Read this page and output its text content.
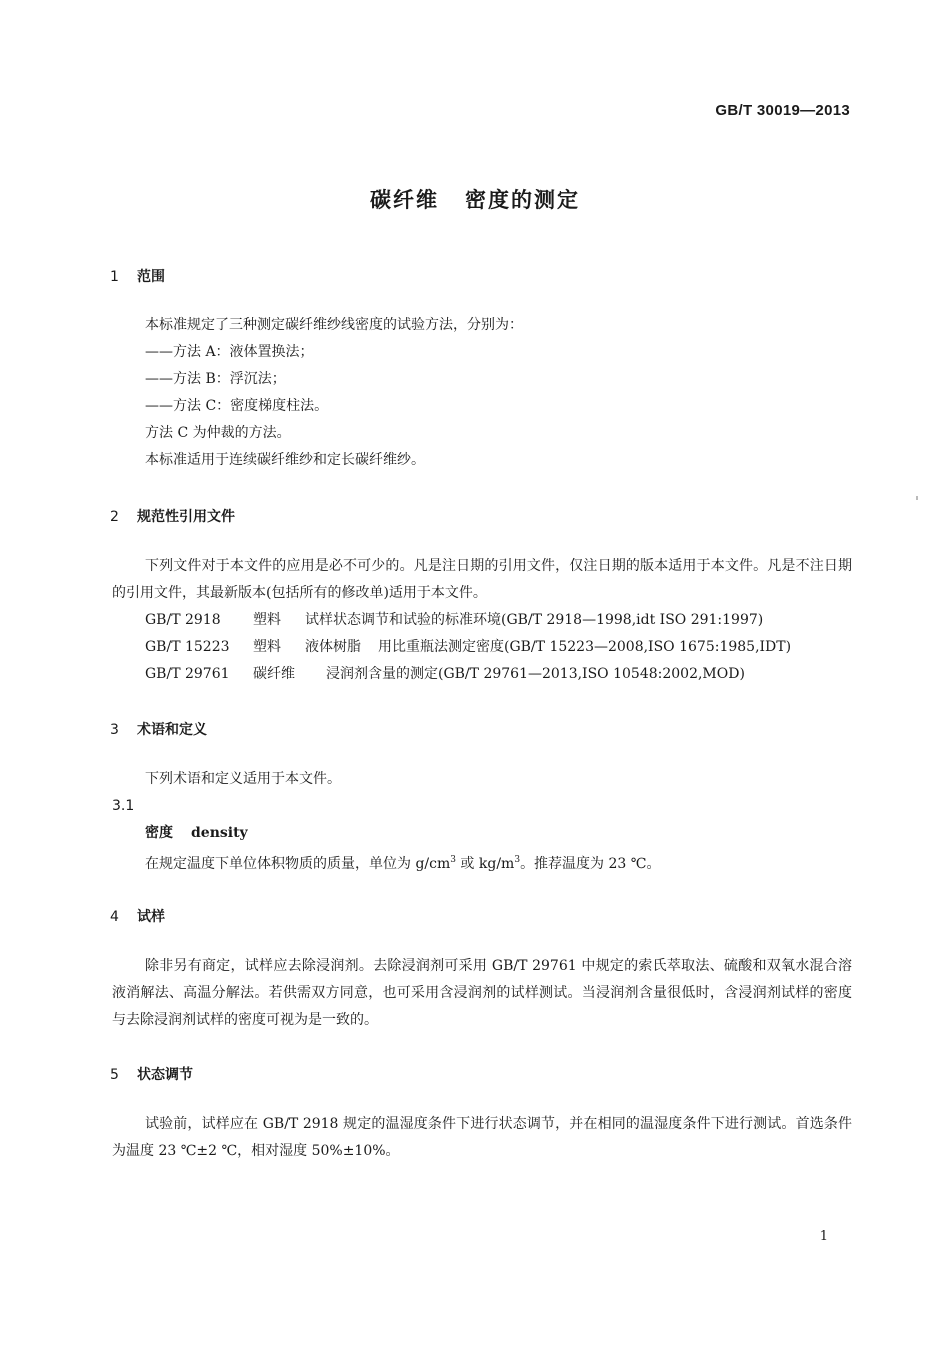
GB/T 30019—2013
碳纤维 密度的测定
1 范围
本标准规定了三种测定碳纤维纱线密度的试验方法，分别为：
——方法 A：液体置换法；
——方法 B：浮沉法；
——方法 C：密度梯度柱法。
方法 C 为仲裁的方法。
本标准适用于连续碳纤维纱和定长碳纤维纱。
2 规范性引用文件
下列文件对于本文件的应用是必不可少的。凡是注日期的引用文件，仅注日期的版本适用于本文件。凡是不注日期的引用文件，其最新版本(包括所有的修改单)适用于本文件。
GB/T 2918 塑料 试样状态调节和试验的标准环境(GB/T 2918—1998,idt ISO 291:1997)
GB/T 15223 塑料 液体树脂 用比重瓶法测定密度(GB/T 15223—2008,ISO 1675:1985,IDT)
GB/T 29761 碳纤维 浸润剂含量的测定(GB/T 29761—2013,ISO 10548:2002,MOD)
3 术语和定义
下列术语和定义适用于本文件。
3.1
密度 density
在规定温度下单位体积物质的质量，单位为 $g/cm^3$ 或 $kg/m^3$。推荐温度为 23 ℃。
4 试样
除非另有商定，试样应去除浸润剂。去除浸润剂可采用 GB/T 29761 中规定的索氏萃取法、硫酸和双氧水混合溶液消解法、高温分解法。若供需双方同意，也可采用含浸润剂的试样测试。当浸润剂含量很低时，含浸润剂试样的密度与去除浸润剂试样的密度可视为是一致的。
5 状态调节
试验前，试样应在 GB/T 2918 规定的温湿度条件下进行状态调节，并在相同的温湿度条件下进行测试。首选条件为温度 23 ℃±2 ℃，相对湿度 50%±10%。
1
